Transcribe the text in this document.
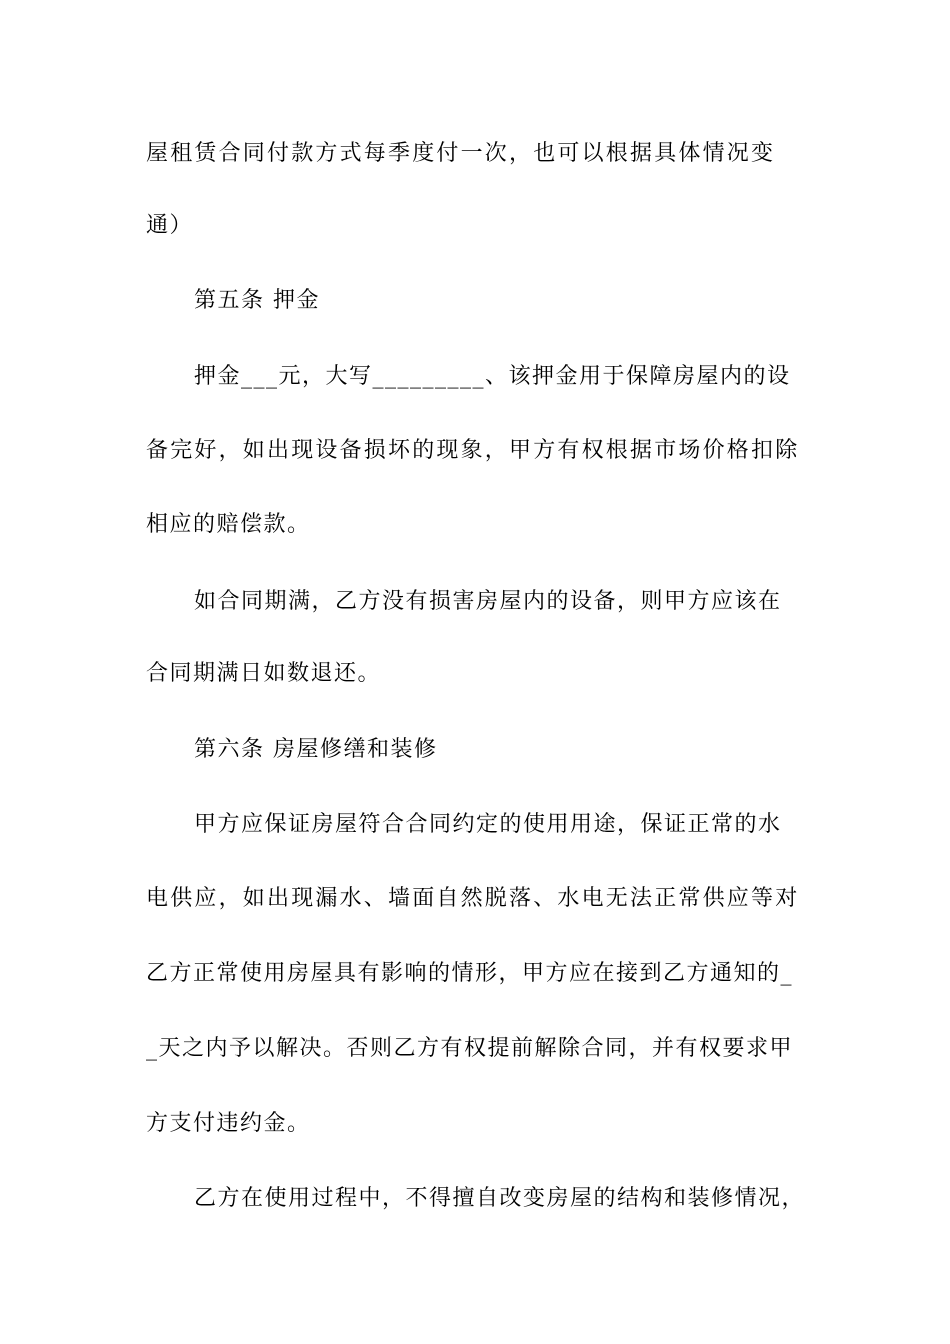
屋租赁合同付款方式每季度付一次，也可以根据具体情况变
通）
第五条 押金
押金___元，大写_________、该押金用于保障房屋内的设
备完好，如出现设备损坏的现象，甲方有权根据市场价格扣除
相应的赔偿款。
如合同期满，乙方没有损害房屋内的设备，则甲方应该在
合同期满日如数退还。
第六条 房屋修缮和装修
甲方应保证房屋符合合同约定的使用用途，保证正常的水
电供应，如出现漏水、墙面自然脱落、水电无法正常供应等对
乙方正常使用房屋具有影响的情形，甲方应在接到乙方通知的_
_天之内予以解决。否则乙方有权提前解除合同，并有权要求甲
方支付违约金。
乙方在使用过程中，不得擅自改变房屋的结构和装修情况，
